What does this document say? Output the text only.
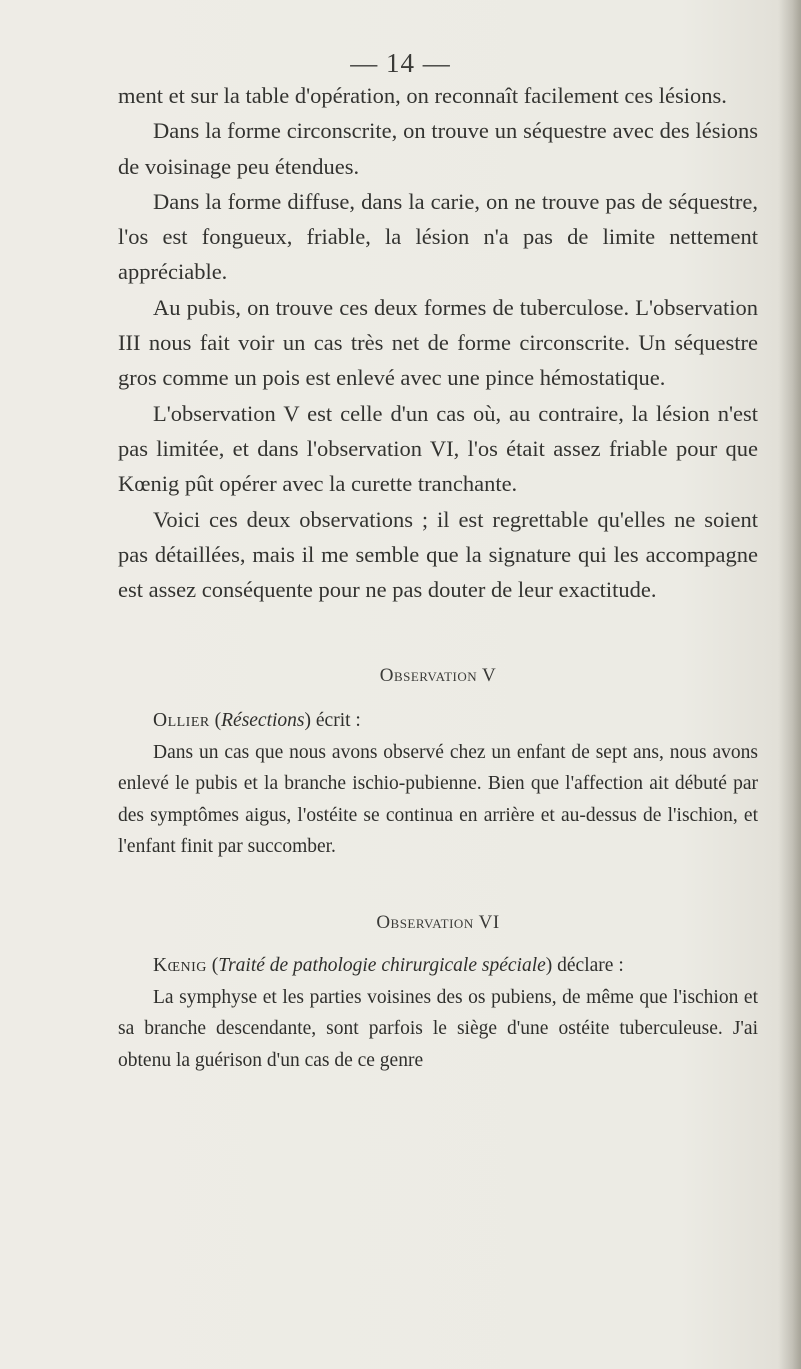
— 14 —

ment et sur la table d'opération, on reconnaît facilement ces lésions.

Dans la forme circonscrite, on trouve un séquestre avec des lésions de voisinage peu étendues.

Dans la forme diffuse, dans la carie, on ne trouve pas de séquestre, l'os est fongueux, friable, la lésion n'a pas de limite nettement appréciable.

Au pubis, on trouve ces deux formes de tuberculose. L'observation III nous fait voir un cas très net de forme circonscrite. Un séquestre gros comme un pois est enlevé avec une pince hémostatique.

L'observation V est celle d'un cas où, au contraire, la lésion n'est pas limitée, et dans l'observation VI, l'os était assez friable pour que Kœnig pût opérer avec la curette tranchante.

Voici ces deux observations ; il est regrettable qu'elles ne soient pas détaillées, mais il me semble que la signature qui les accompagne est assez conséquente pour ne pas douter de leur exactitude.

Observation V

Ollier (Résections) écrit :

Dans un cas que nous avons observé chez un enfant de sept ans, nous avons enlevé le pubis et la branche ischio-pubienne. Bien que l'affection ait débuté par des symptômes aigus, l'ostéite se continua en arrière et au-dessus de l'ischion, et l'enfant finit par succomber.

Observation VI

Kœnig (Traité de pathologie chirurgicale spéciale) déclare :

La symphyse et les parties voisines des os pubiens, de même que l'ischion et sa branche descendante, sont parfois le siège d'une ostéite tuberculeuse. J'ai obtenu la guérison d'un cas de ce genre
